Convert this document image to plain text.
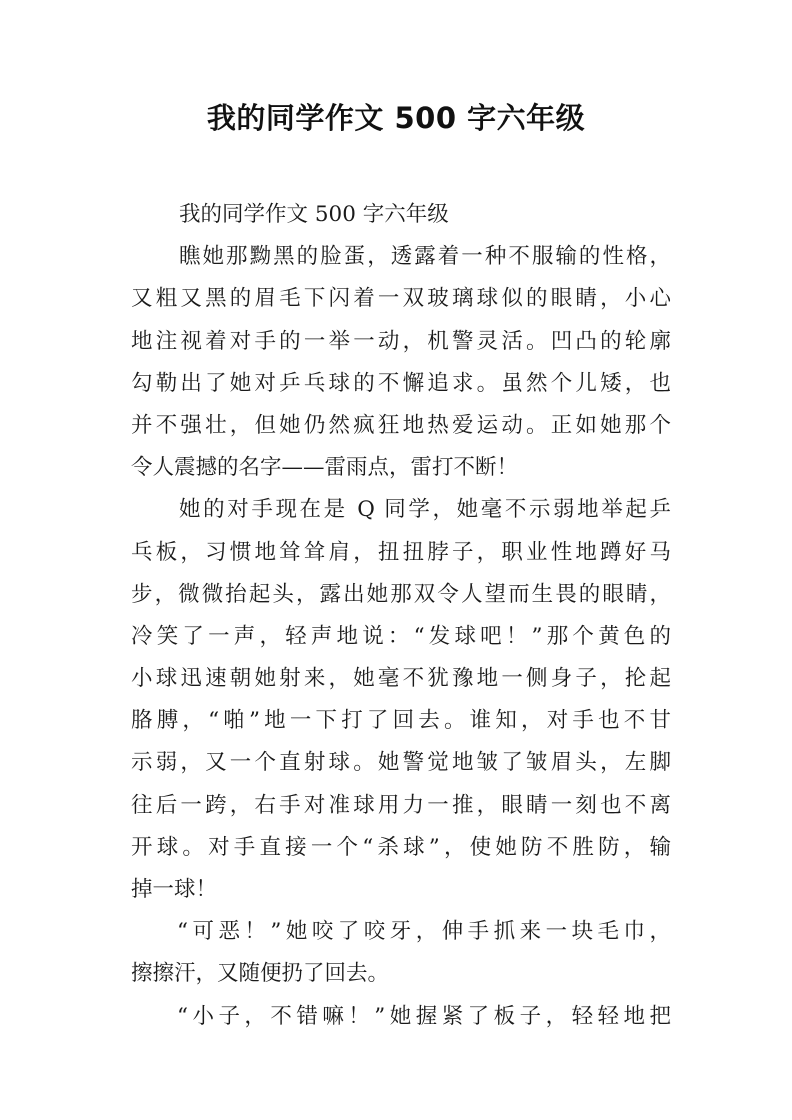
我的同学作文 500 字六年级

我的同学作文 500 字六年级

瞧她那黝黑的脸蛋，透露着一种不服输的性格，

又粗又黑的眉毛下闪着一双玻璃球似的眼睛，小心

地注视着对手的一举一动，机警灵活。凹凸的轮廓

勾勒出了她对乒乓球的不懈追求。虽然个儿矮，也

并不强壮，但她仍然疯狂地热爱运动。正如她那个

令人震撼的名字——雷雨点，雷打不断！

她的对手现在是 Q 同学，她毫不示弱地举起乒

乓板，习惯地耸耸肩，扭扭脖子，职业性地蹲好马

步，微微抬起头，露出她那双令人望而生畏的眼睛，

冷笑了一声，轻声地说：“发球吧！”那个黄色的

小球迅速朝她射来，她毫不犹豫地一侧身子，抡起

胳膊，“啪”地一下打了回去。谁知，对手也不甘

示弱，又一个直射球。她警觉地皱了皱眉头，左脚

往后一跨，右手对准球用力一推，眼睛一刻也不离

开球。对手直接一个“杀球”，使她防不胜防，输

掉一球！

“可恶！”她咬了咬牙，伸手抓来一块毛巾，

擦擦汗，又随便扔了回去。

“小子，不错嘛！”她握紧了板子，轻轻地把
